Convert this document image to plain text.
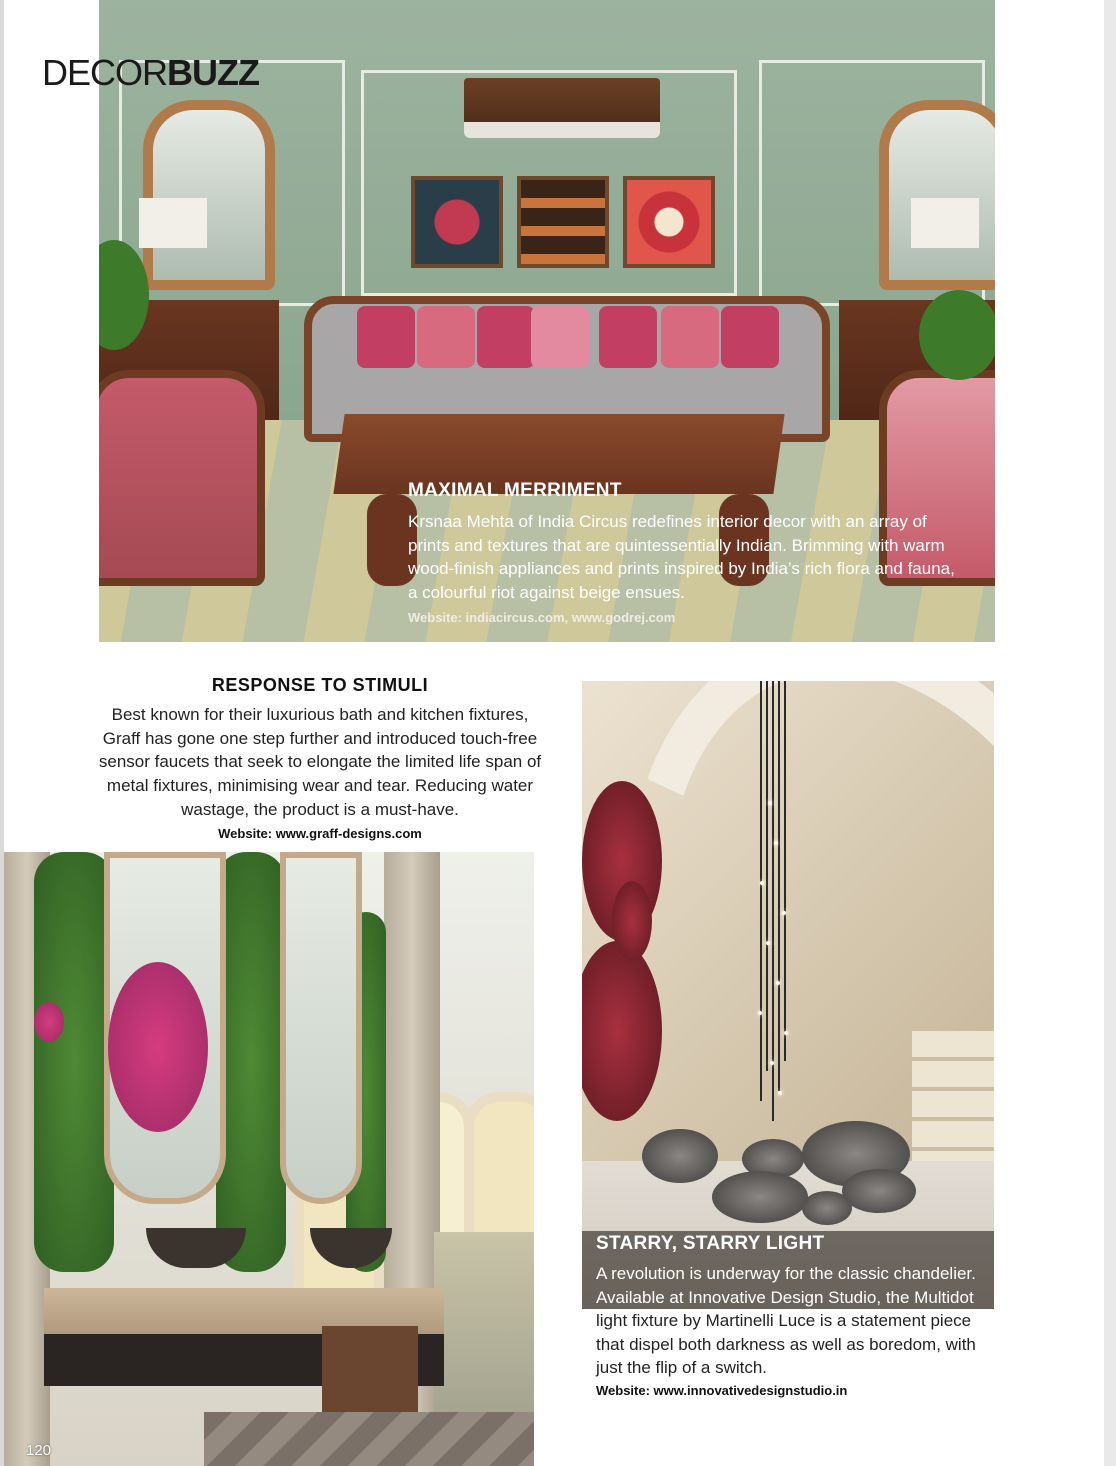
DECORBUZZ
MAXIMAL MERRIMENT
Krsnaa Mehta of India Circus redefines interior decor with an array of
prints and textures that are quintessentially Indian. Brimming with warm
wood-finish appliances and prints inspired by India’s rich flora and fauna,
a colourful riot against beige ensues.
Website: indiacircus.com, www.godrej.com
RESPONSE TO STIMULI
Best known for their luxurious bath and kitchen fixtures,
Graff has gone one step further and introduced touch-free
sensor faucets that seek to elongate the limited life span of
metal fixtures, minimising wear and tear. Reducing water
wastage, the product is a must-have.
Website: www.graff-designs.com
STARRY, STARRY LIGHT
A revolution is underway for the classic chandelier.
Available at Innovative Design Studio, the Multidot
light fixture by Martinelli Luce is a statement piece
that dispel both darkness as well as boredom, with
just the flip of a switch.
Website: www.innovativedesignstudio.in
120
